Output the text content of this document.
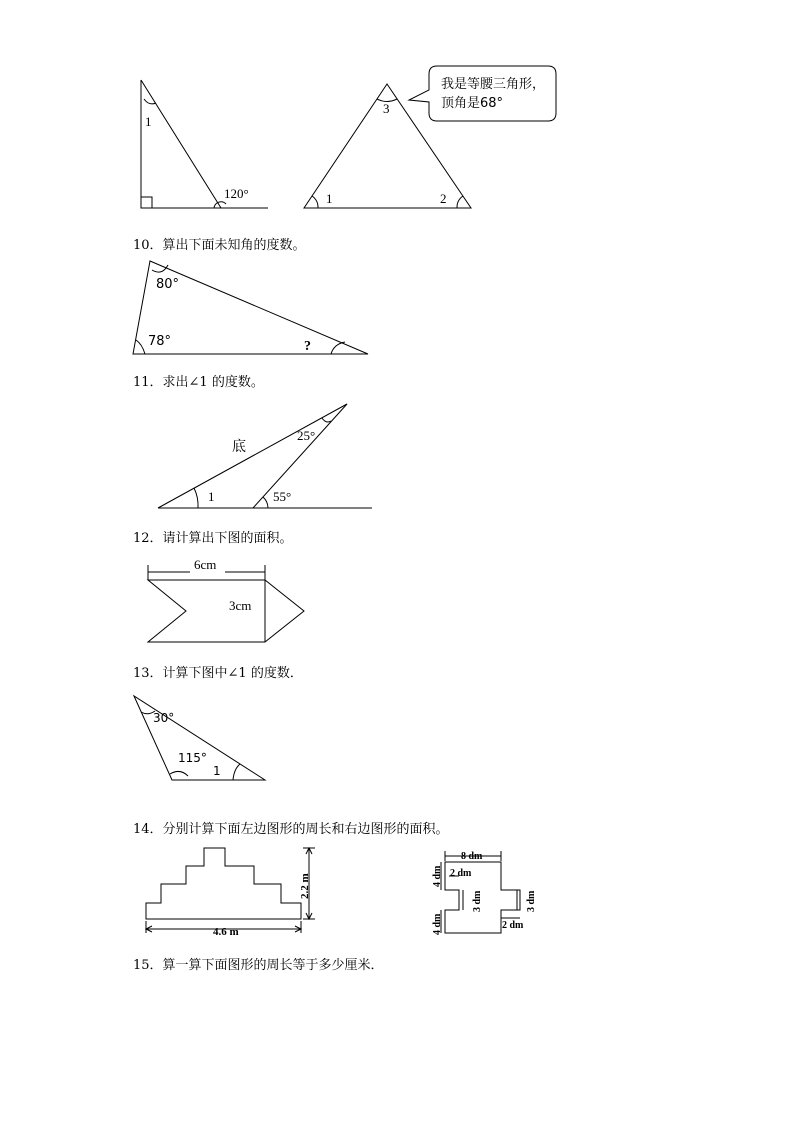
10．算出下面未知角的度数。
11．求出∠1 的度数。
12．请计算出下图的面积。
13．计算下图中∠1 的度数．
14．分别计算下面左边图形的周长和右边图形的面积。
15．算一算下面图形的周长等于多少厘米．
1
120°
3
1	2
我是等腰三角形，
顶角是68°
80°
78°	?
底
25°
1	55°
6cm
3cm
30°
115°
1
4.6 m
2.2 m
8 dm
4 dm 2 dm
3 dm	3 dm
4 dm	2 dm
